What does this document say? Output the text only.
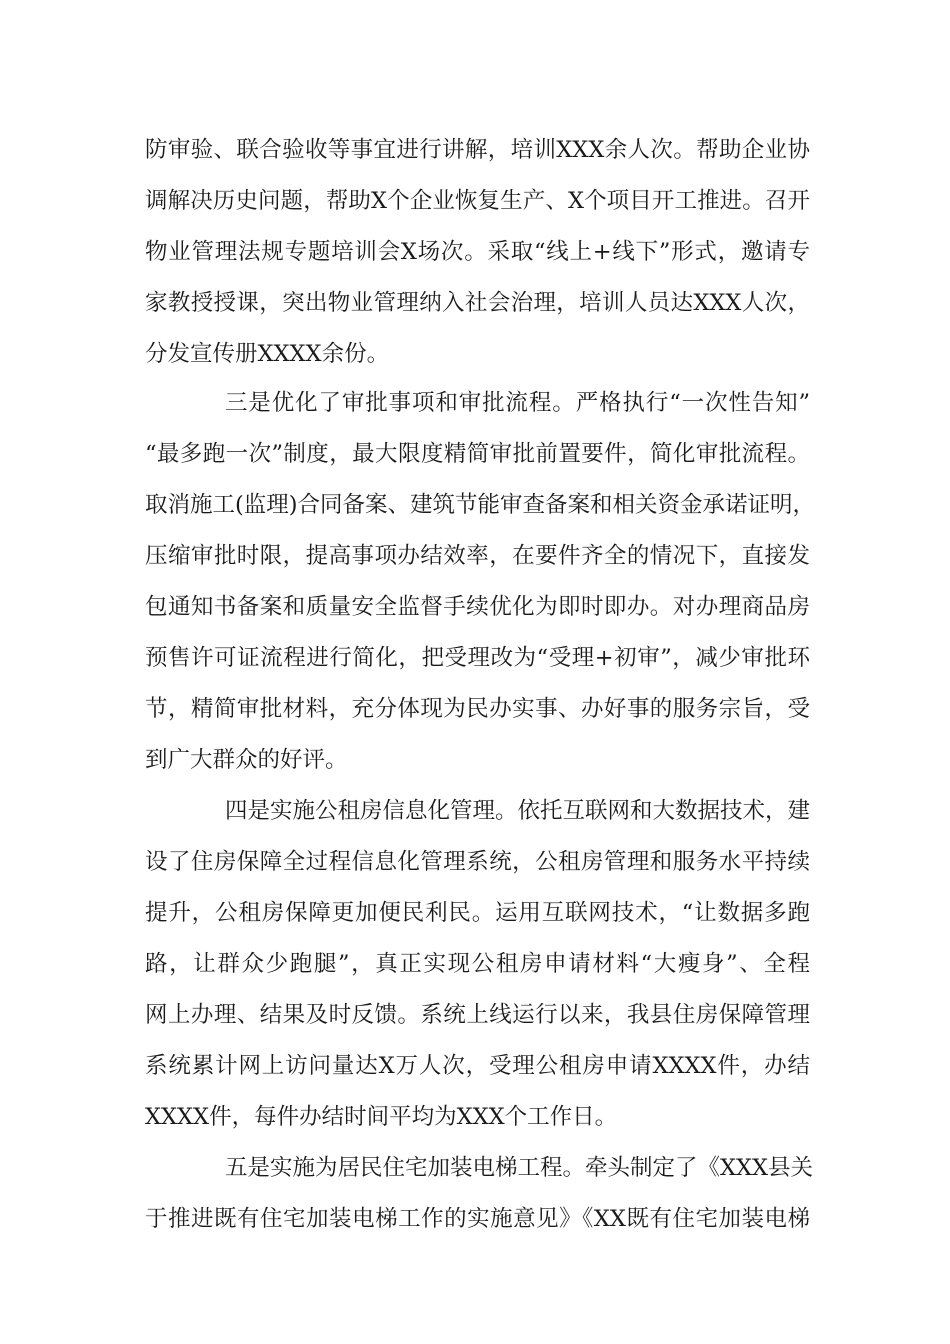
防审验、联合验收等事宜进行讲解，培训XXX余人次。帮助企业协
调解决历史问题，帮助X个企业恢复生产、X个项目开工推进。召开
物业管理法规专题培训会X场次。采取“线上+线下”形式，邀请专
家教授授课，突出物业管理纳入社会治理，培训人员达XXX人次，
分发宣传册XXXX余份。
三是优化了审批事项和审批流程。严格执行“一次性告知”
“最多跑一次”制度，最大限度精简审批前置要件，简化审批流程。
取消施工(监理)合同备案、建筑节能审查备案和相关资金承诺证明，
压缩审批时限，提高事项办结效率，在要件齐全的情况下，直接发
包通知书备案和质量安全监督手续优化为即时即办。对办理商品房
预售许可证流程进行简化，把受理改为“受理+初审”，减少审批环
节，精简审批材料，充分体现为民办实事、办好事的服务宗旨，受
到广大群众的好评。
四是实施公租房信息化管理。依托互联网和大数据技术，建
设了住房保障全过程信息化管理系统，公租房管理和服务水平持续
提升，公租房保障更加便民利民。运用互联网技术，“让数据多跑
路，让群众少跑腿”，真正实现公租房申请材料“大瘦身”、全程
网上办理、结果及时反馈。系统上线运行以来，我县住房保障管理
系统累计网上访问量达X万人次，受理公租房申请XXXX件，办结
XXXX件，每件办结时间平均为XXX个工作日。
五是实施为居民住宅加装电梯工程。牵头制定了《XXX县关
于推进既有住宅加装电梯工作的实施意见》《XX既有住宅加装电梯
